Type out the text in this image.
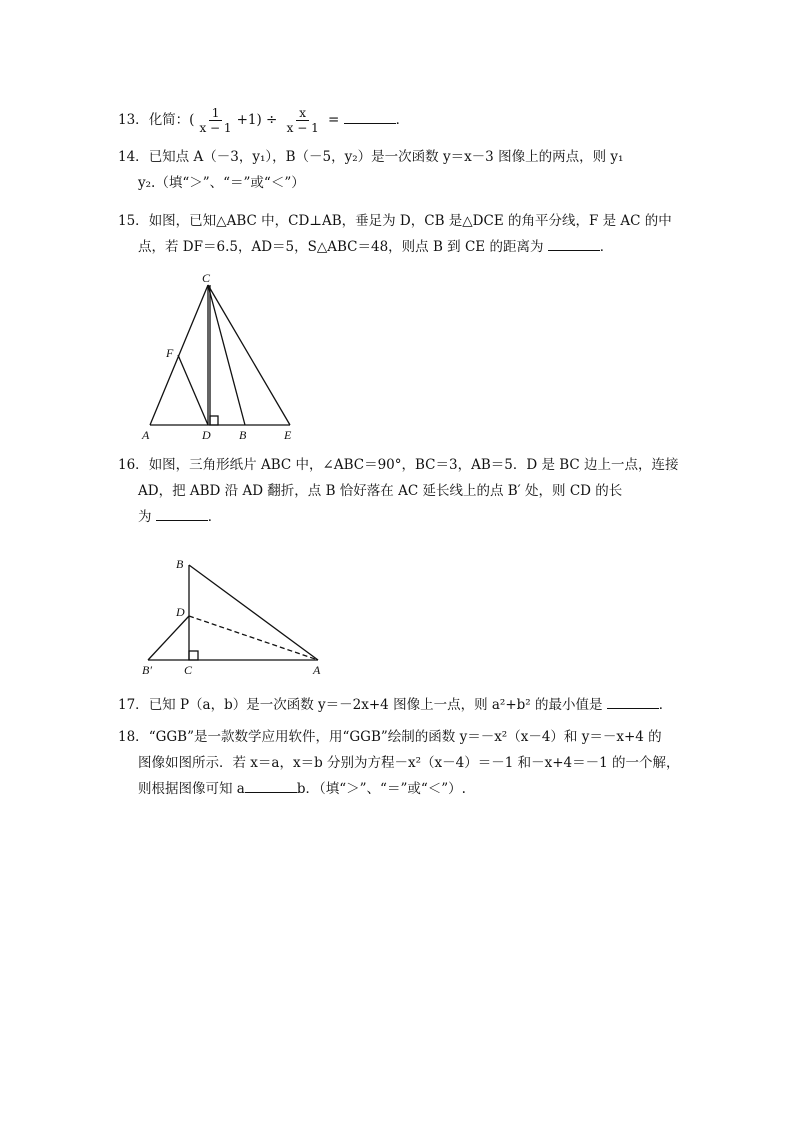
13．化简：( $\frac{1}{x - 1} +1) \div \frac{x}{x - 1}$ =	．
14．已知点 A（－3，y₁），B（－5，y₂）是一次函数 y＝x－3 图像上的两点，则 y₁
y₂.（填“＞”、“＝”或“＜”）
15．如图，已知△ABC 中，CD⊥AB，垂足为 D，CB 是△DCE 的角平分线，F 是 AC 的中
点，若 DF＝6.5，AD＝5，S△ABC＝48，则点 B 到 CE 的距离为	．
C
F
A	D B	E
16．如图，三角形纸片 ABC 中，∠ABC＝90°，BC＝3，AB＝5．D 是 BC 边上一点，连接
AD，把 ABD 沿 AD 翻折，点 B 恰好落在 AC 延长线上的点 B′ 处，则 CD 的长
为	．
B
D
B′	C	A
17．已知 P（a，b）是一次函数 y＝－2x+4 图像上一点，则 a²+b² 的最小值是	．
18．“GGB”是一款数学应用软件，用“GGB”绘制的函数 y＝－x²（x－4）和 y＝－x+4 的
图像如图所示．若 x＝a，x＝b 分别为方程－x²（x－4）＝－1 和－x+4＝－1 的一个解，
则根据图像可知 a	b．（填“＞”、“＝”或“＜”）.
